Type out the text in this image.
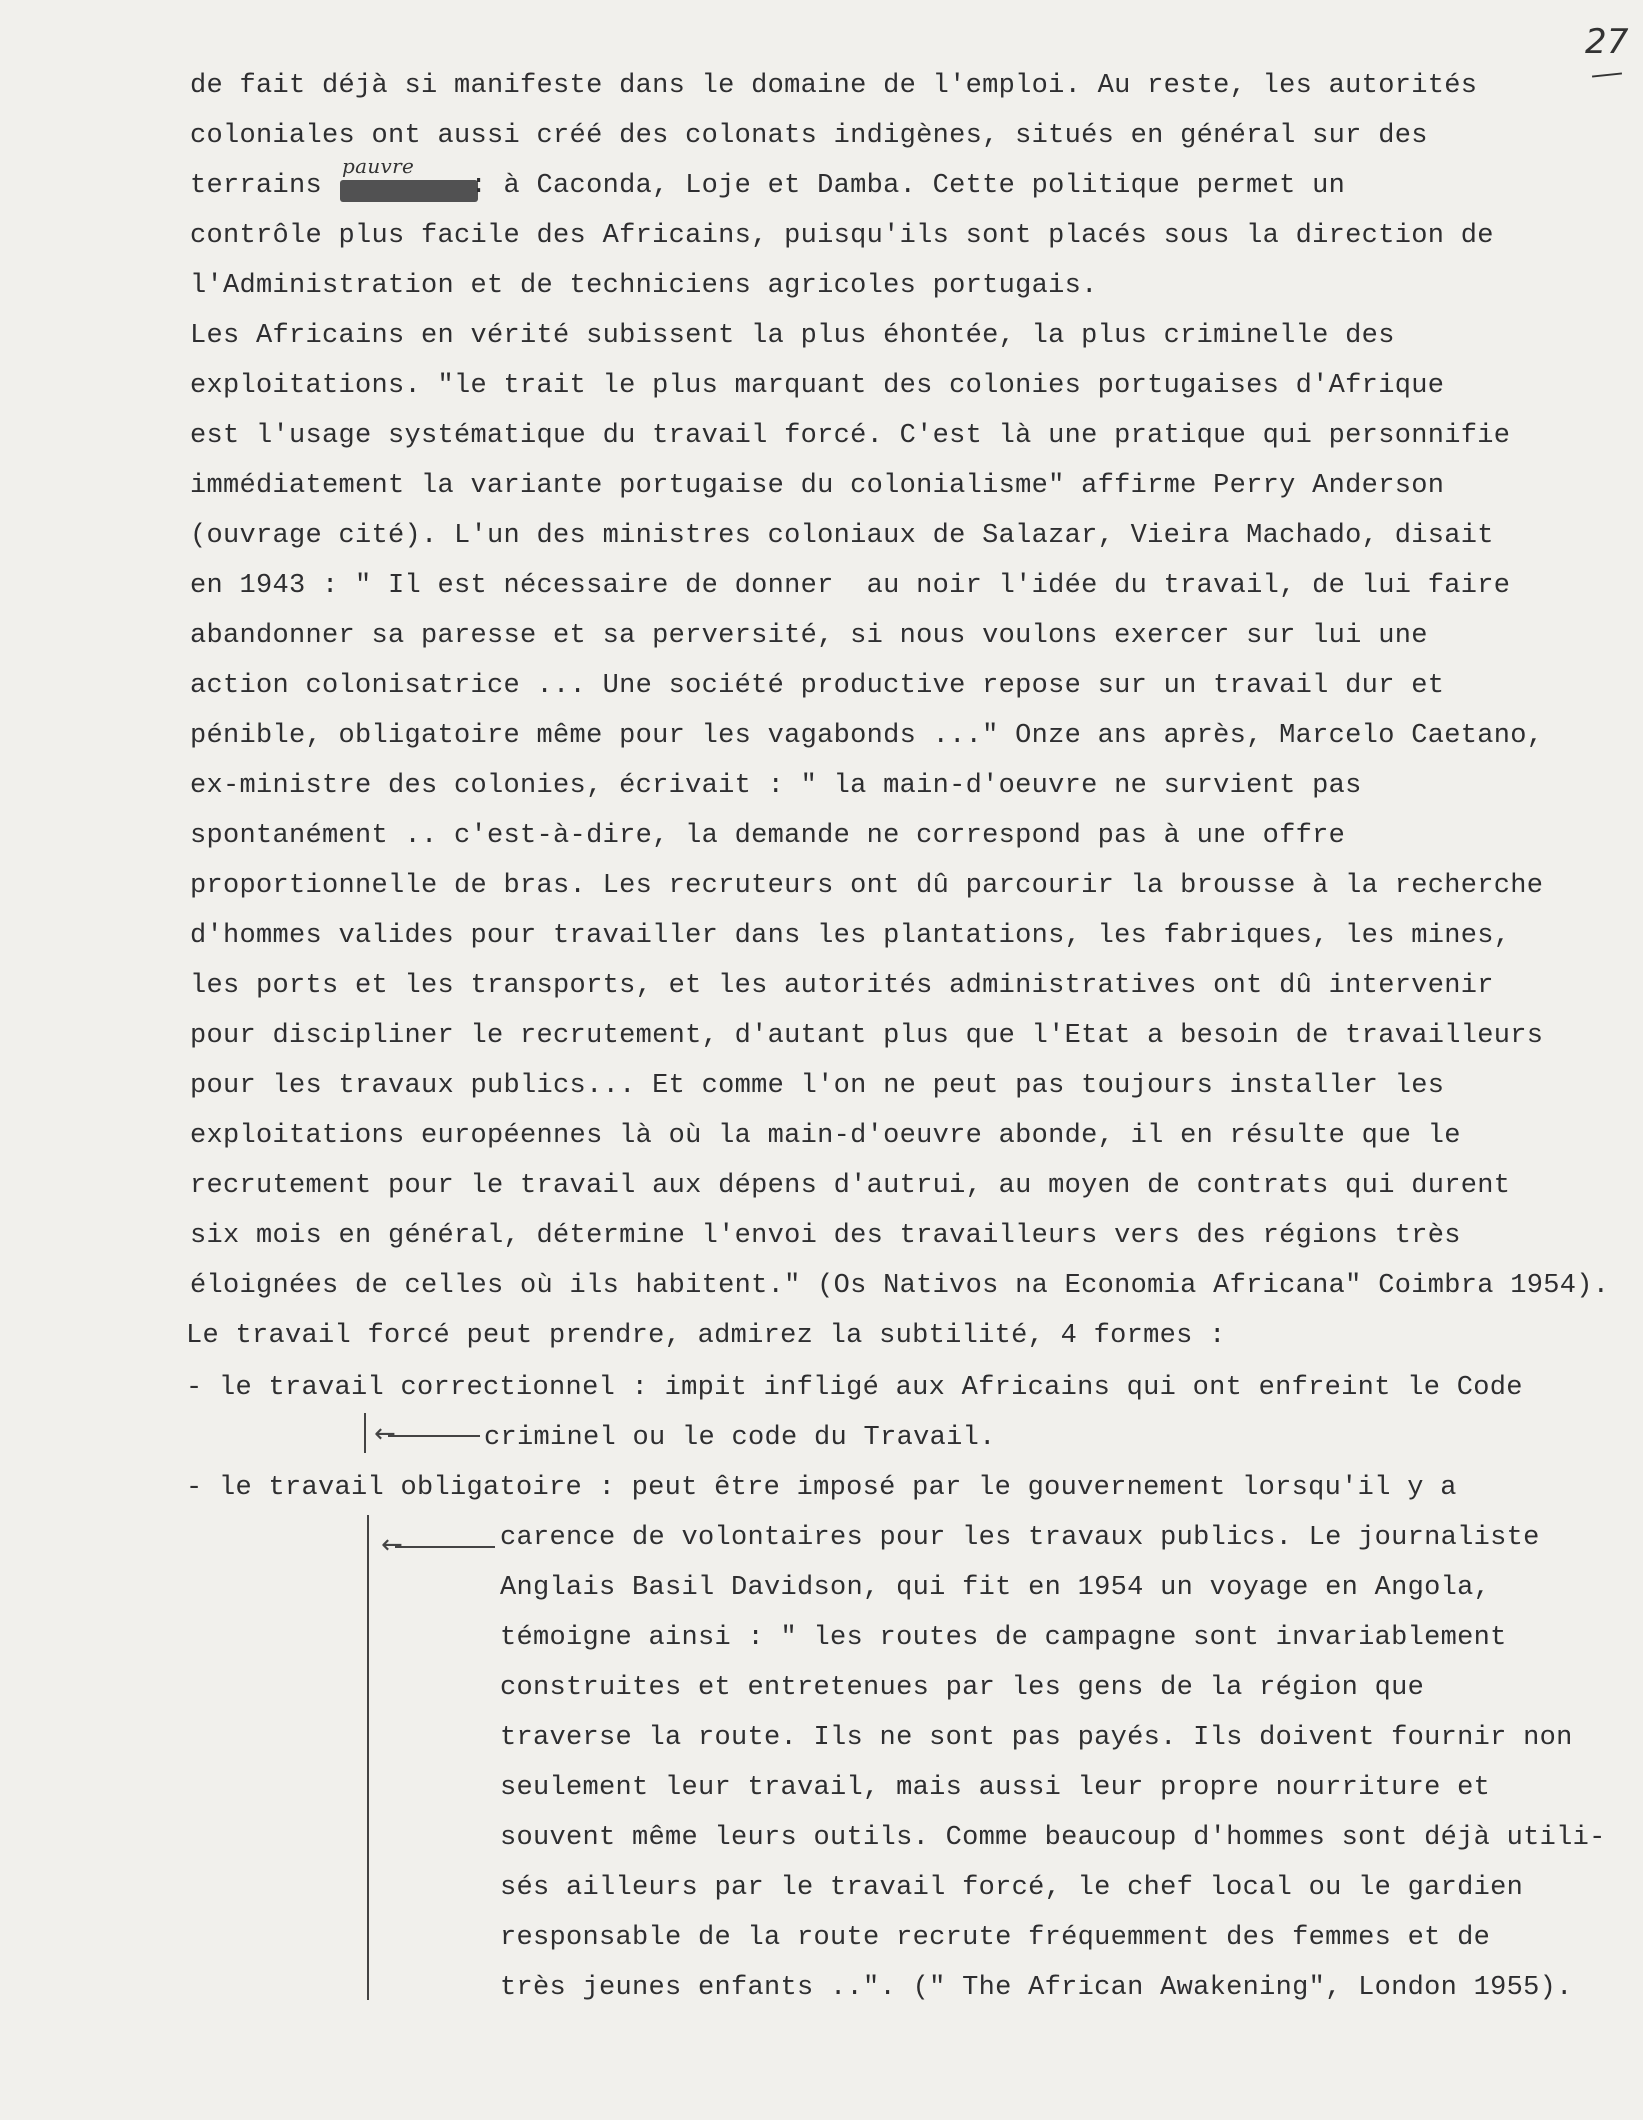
27
pauvre
de fait déjà si manifeste dans le domaine de l'emploi. Au reste, les autorités
coloniales ont aussi créé des colonats indigènes, situés en général sur des
terrains         : à Caconda, Loje et Damba. Cette politique permet un
contrôle plus facile des Africains, puisqu'ils sont placés sous la direction de
l'Administration et de techniciens agricoles portugais.
Les Africains en vérité subissent la plus éhontée, la plus criminelle des
exploitations. "le trait le plus marquant des colonies portugaises d'Afrique
est l'usage systématique du travail forcé. C'est là une pratique qui personnifie
immédiatement la variante portugaise du colonialisme" affirme Perry Anderson
(ouvrage cité). L'un des ministres coloniaux de Salazar, Vieira Machado, disait
en 1943 : " Il est nécessaire de donner  au noir l'idée du travail, de lui faire
abandonner sa paresse et sa perversité, si nous voulons exercer sur lui une
action colonisatrice ... Une société productive repose sur un travail dur et
pénible, obligatoire même pour les vagabonds ..." Onze ans après, Marcelo Caetano,
ex-ministre des colonies, écrivait : " la main-d'oeuvre ne survient pas
spontanément .. c'est-à-dire, la demande ne correspond pas à une offre
proportionnelle de bras. Les recruteurs ont dû parcourir la brousse à la recherche
d'hommes valides pour travailler dans les plantations, les fabriques, les mines,
les ports et les transports, et les autorités administratives ont dû intervenir
pour discipliner le recrutement, d'autant plus que l'Etat a besoin de travailleurs
pour les travaux publics... Et comme l'on ne peut pas toujours installer les
exploitations européennes là où la main-d'oeuvre abonde, il en résulte que le
recrutement pour le travail aux dépens d'autrui, au moyen de contrats qui durent
six mois en général, détermine l'envoi des travailleurs vers des régions très
éloignées de celles où ils habitent." (Os Nativos na Economia Africana" Coimbra 1954).
Le travail forcé peut prendre, admirez la subtilité, 4 formes :
- le travail correctionnel : impit infligé aux Africains qui ont enfreint le Code
←	criminel ou le code du Travail.
- le travail obligatoire : peut être imposé par le gouvernement lorsqu'il y a
←	carence de volontaires pour les travaux publics. Le journaliste
Anglais Basil Davidson, qui fit en 1954 un voyage en Angola,
témoigne ainsi : " les routes de campagne sont invariablement
construites et entretenues par les gens de la région que
traverse la route. Ils ne sont pas payés. Ils doivent fournir non
seulement leur travail, mais aussi leur propre nourriture et
souvent même leurs outils. Comme beaucoup d'hommes sont déjà utili-
sés ailleurs par le travail forcé, le chef local ou le gardien
responsable de la route recrute fréquemment des femmes et de
très jeunes enfants ..". (" The African Awakening", London 1955).
